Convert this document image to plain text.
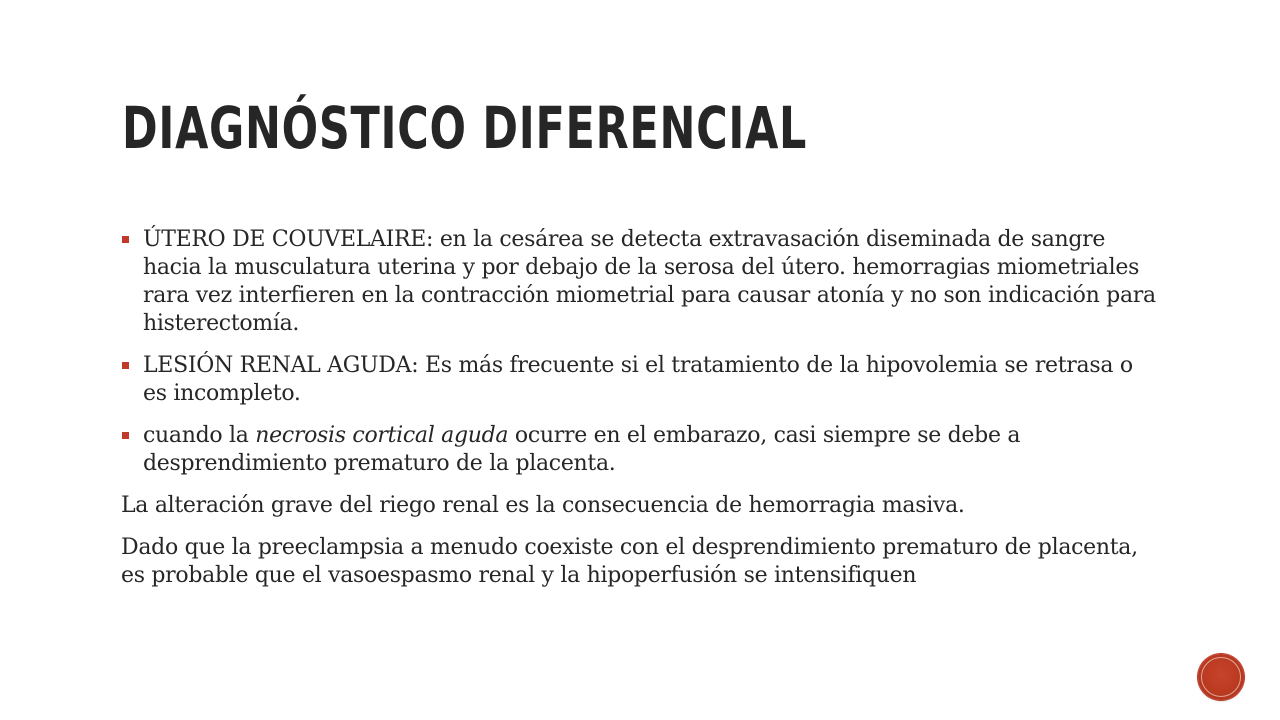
DIAGNÓSTICO DIFERENCIAL
ÚTERO DE COUVELAIRE: en la cesárea se detecta extravasación diseminada de sangre hacia la musculatura uterina y por debajo de la serosa del útero. hemorragias miometriales rara vez interfieren en la contracción miometrial para causar atonía y no son indicación para histerectomía.
LESIÓN RENAL AGUDA: Es más frecuente si el tratamiento de la hipovolemia se retrasa o es incompleto.
cuando la necrosis cortical aguda ocurre en el embarazo, casi siempre se debe a desprendimiento prematuro de la placenta.

La alteración grave del riego renal es la consecuencia de hemorragia masiva.

Dado que la preeclampsia a menudo coexiste con el desprendimiento prematuro de placenta, es probable que el vasoespasmo renal y la hipoperfusión se intensifiquen
